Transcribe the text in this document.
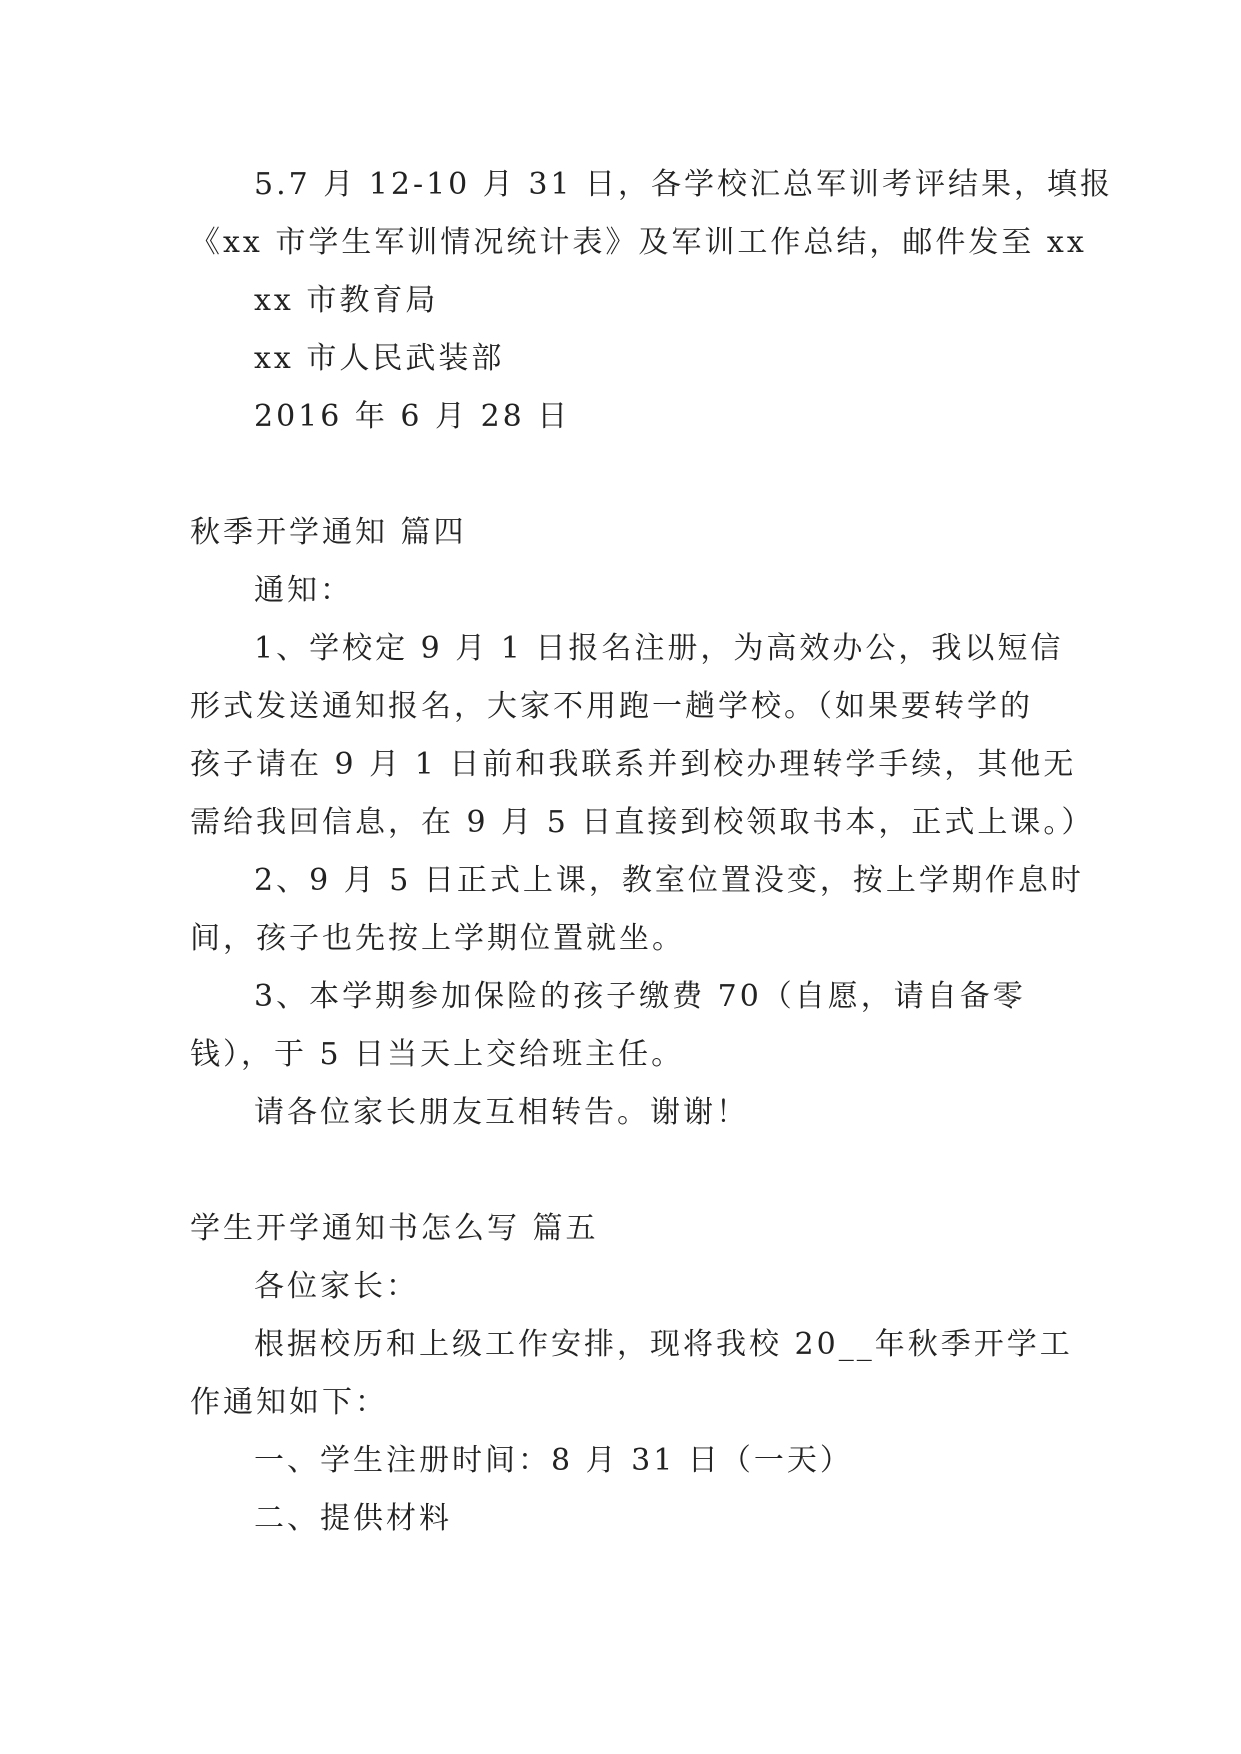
5.7 月 12-10 月 31 日，各学校汇总军训考评结果，填报
《xx 市学生军训情况统计表》及军训工作总结，邮件发至 xx
xx 市教育局
xx 市人民武装部
2016 年 6 月 28 日
秋季开学通知 篇四
通知：
1、学校定 9 月 1 日报名注册，为高效办公，我以短信
形式发送通知报名，大家不用跑一趟学校。（如果要转学的
孩子请在 9 月 1 日前和我联系并到校办理转学手续，其他无
需给我回信息，在 9 月 5 日直接到校领取书本，正式上课。）
2、9 月 5 日正式上课，教室位置没变，按上学期作息时
间，孩子也先按上学期位置就坐。
3、本学期参加保险的孩子缴费 70（自愿，请自备零
钱），于 5 日当天上交给班主任。
请各位家长朋友互相转告。谢谢！
学生开学通知书怎么写 篇五
各位家长：
根据校历和上级工作安排，现将我校 20__年秋季开学工
作通知如下：
一、学生注册时间：8 月 31 日（一天）
二、提供材料
